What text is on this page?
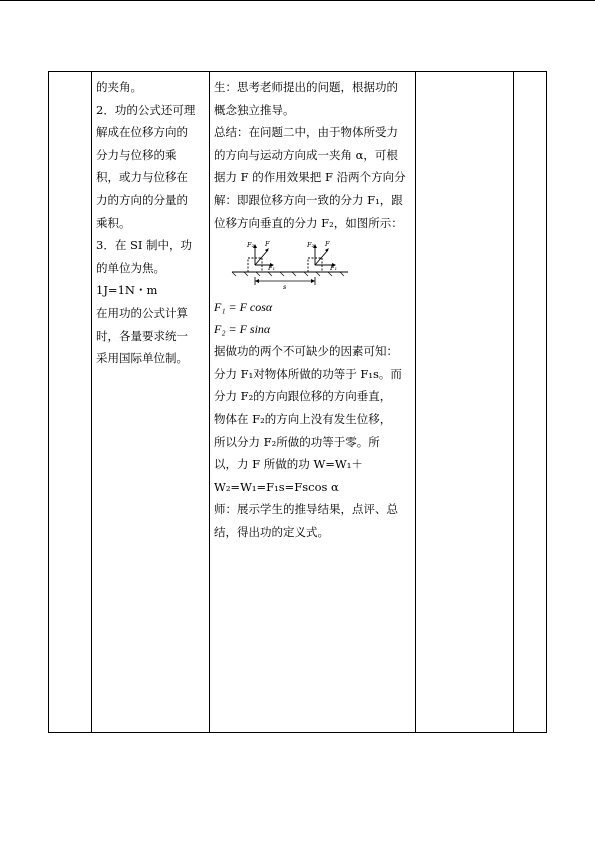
的夹角。

2．功的公式还可理

解成在位移方向的

分力与位移的乘

积，或力与位移在

力的方向的分量的

乘积。

3．在 SI 制中，功

的单位为焦。

1J=1N・m

在用功的公式计算

时，各量要求统一

采用国际单位制。

生：思考老师提出的问题，根据功的

概念独立推导。

总结：在问题二中，由于物体所受力

的方向与运动方向成一夹角 α，可根

据力 F 的作用效果把 F 沿两个方向分

解：即跟位移方向一致的分力 F₁，跟

位移方向垂直的分力 F₂，如图所示：

F₂ F
F₁
F₂ F
F₁
s

F₁ = F cosα

F₂ = F sinα

据做功的两个不可缺少的因素可知：

分力 F₁对物体所做的功等于 F₁s。而

分力 F₂的方向跟位移的方向垂直，

物体在 F₂的方向上没有发生位移，

所以分力 F₂所做的功等于零。所

以，力 F 所做的功 W=W₁＋

W₂=W₁=F₁s=Fscos α

师：展示学生的推导结果，点评、总

结，得出功的定义式。
